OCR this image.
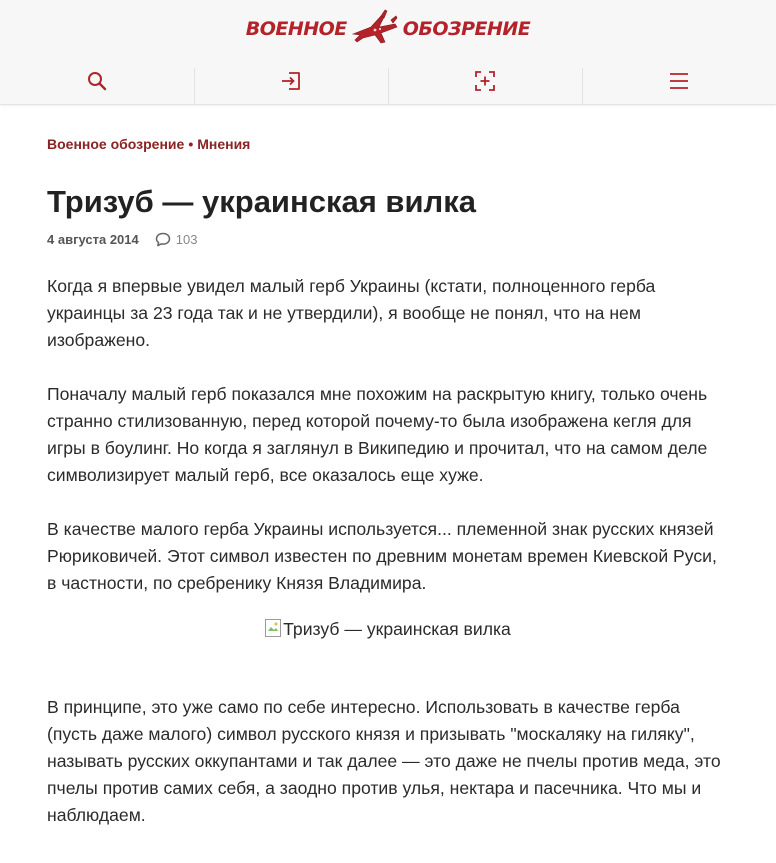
ВОЕННОЕ	ОБОЗРЕНИЕ
Военное обозрение • Мнения
Тризуб — украинская вилка
4 августа 2014	103

Когда я впервые увидел малый герб Украины (кстати, полноценного герба украинцы за 23 года так и не утвердили), я вообще не понял, что на нем изображено.

Поначалу малый герб показался мне похожим на раскрытую книгу, только очень странно стилизованную, перед которой почему-то была изображена кегля для игры в боулинг. Но когда я заглянул в Википедию и прочитал, что на самом деле символизирует малый герб, все оказалось еще хуже.

В качестве малого герба Украины используется... племенной знак русских князей Рюриковичей. Этот символ известен по древним монетам времен Киевской Руси, в частности, по сребренику Князя Владимира.

Тризуб — украинская вилка

В принципе, это уже само по себе интересно. Использовать в качестве герба (пусть даже малого) символ русского князя и призывать "москаляку на гиляку", называть русских оккупантами и так далее — это даже не пчелы против меда, это пчелы против самих себя, а заодно против улья, нектара и пасечника. Что мы и наблюдаем.
